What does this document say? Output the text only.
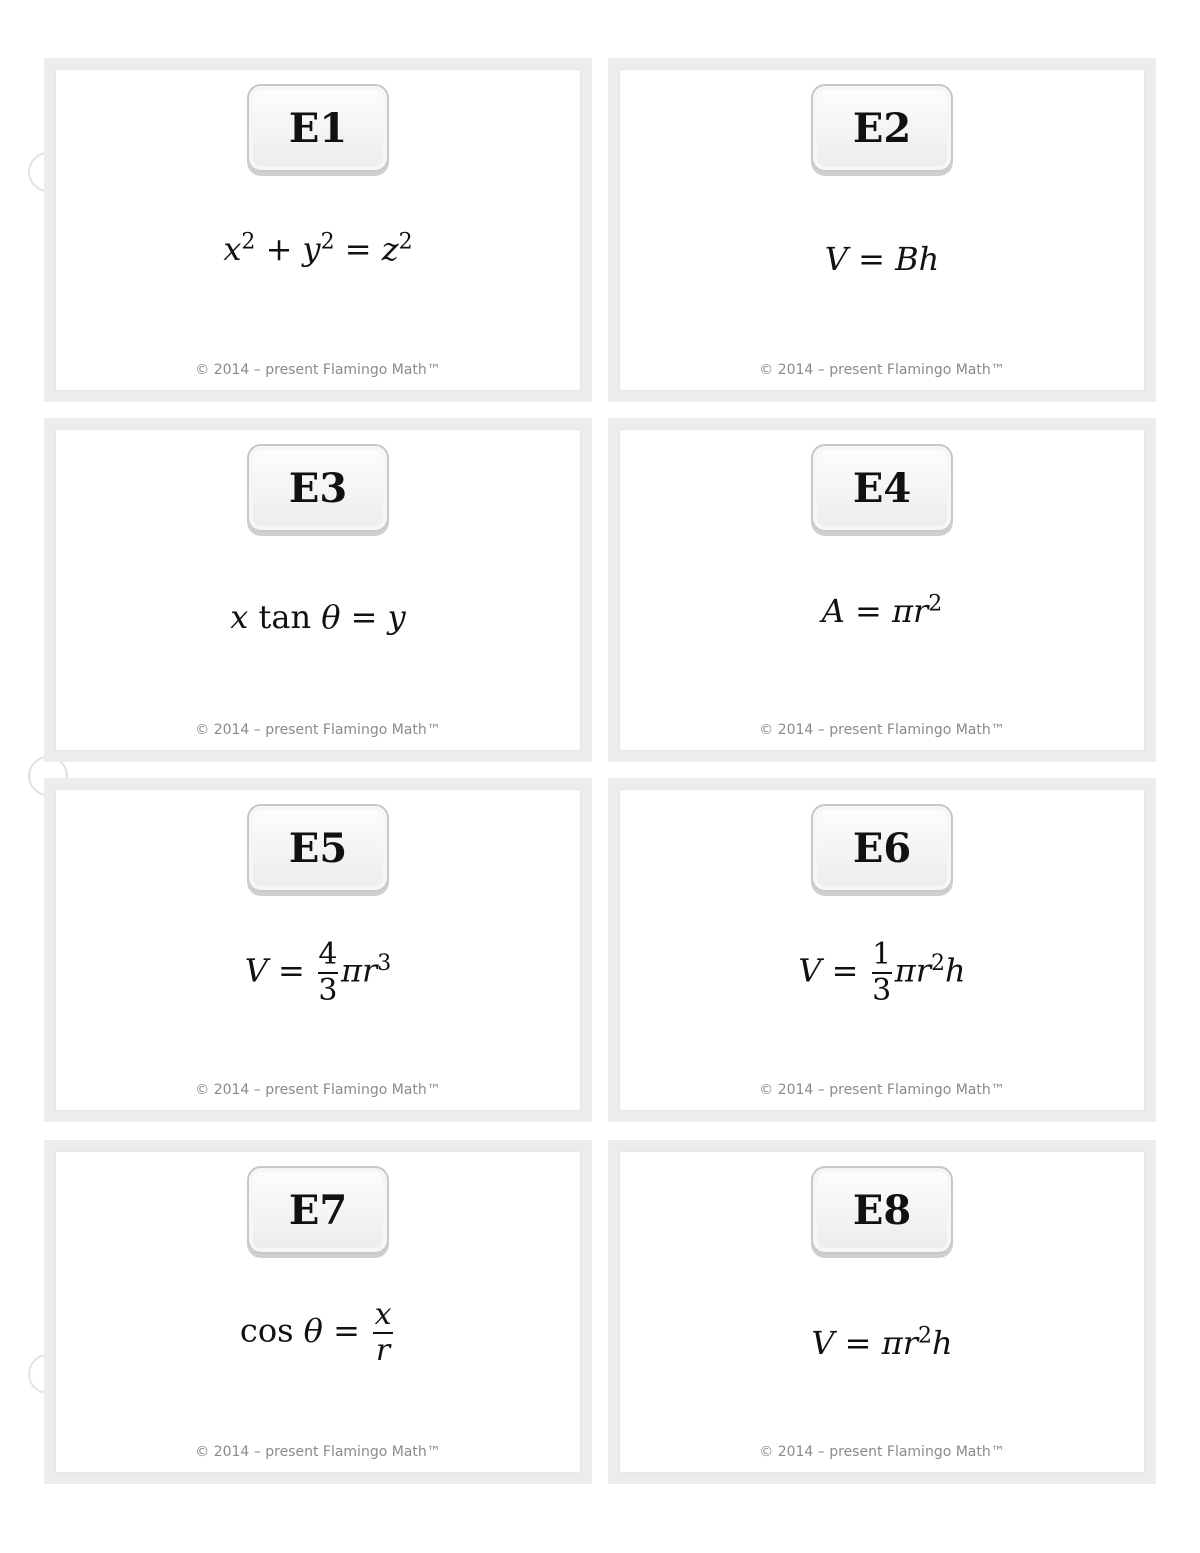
E1
$x^2 + y^2 = z^2$
© 2014 – present Flamingo Math™
E2
V = Bh
© 2014 – present Flamingo Math™
E3
x tan θ = y
© 2014 – present Flamingo Math™
E4
$A = \pi r^2$
© 2014 – present Flamingo Math™
E5
$V = \frac{4}{3} \pi r^3$
© 2014 – present Flamingo Math™
E6
$V = \frac{1}{3} \pi r^2h$
© 2014 – present Flamingo Math™
E7
$\cos \theta = \frac{x}{r}$
© 2014 – present Flamingo Math™
E8
$V = \pi r^2h$
© 2014 – present Flamingo Math™
